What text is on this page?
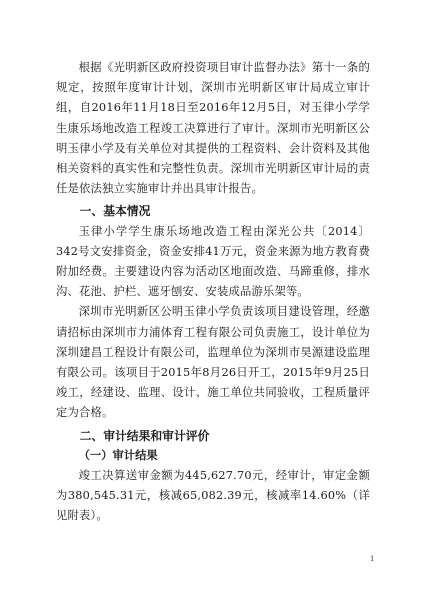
根据《光明新区政府投资项目审计监督办法》第十一条的规定，按照年度审计计划，深圳市光明新区审计局成立审计组，自2016年11月18日至2016年12月5日，对玉律小学学生康乐场地改造工程竣工决算进行了审计。深圳市光明新区公明玉律小学及有关单位对其提供的工程资料、会计资料及其他相关资料的真实性和完整性负责。深圳市光明新区审计局的责任是依法独立实施审计并出具审计报告。

一、基本情况

玉律小学学生康乐场地改造工程由深光公共〔2014〕342号文安排资金，资金安排41万元，资金来源为地方教育费附加经费。主要建设内容为活动区地面改造、马蹄重修，排水沟、花池、护栏、遮牙刨安、安装成品游乐架等。

深圳市光明新区公明玉律小学负责该项目建设管理，经邀请招标由深圳市力浦体育工程有限公司负责施工，设计单位为深圳建昌工程设计有限公司，监理单位为深圳市昊源建设监理有限公司。该项目于2015年8月26日开工，2015年9月25日竣工，经建设、监理、设计、施工单位共同验收，工程质量评定为合格。

二、审计结果和审计评价

（一）审计结果

竣工决算送审金额为445,627.70元，经审计，审定金额为380,545.31元，核减65,082.39元，核减率14.60%（详见附表）。

1
